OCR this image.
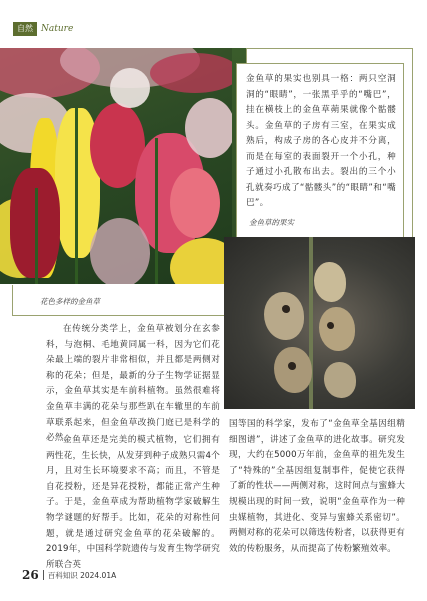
自然 Nature
金鱼草的果实也别具一格：两只空洞洞的“眼睛”，一张黑乎乎的“嘴巴”，挂在横枝上的金鱼草蒴果就像个骷髅头。金鱼草的子房有三室，在果实成熟后，构成子房的各心皮并不分离，而是在每室的表面裂开一个小孔，种子通过小孔散布出去。裂出的三个小孔就奏巧成了“骷髅头”的“眼睛”和“嘴巴”。
花色多样的金鱼草
金鱼草的果实
在传统分类学上，金鱼草被划分在玄参科，与泡桐、毛地黄同属一科，因为它们花朵最上端的裂片非常相似，并且都是两侧对称的花朵；但是，最新的分子生物学证据显示，金鱼草其实是车前科植物。虽然很难将金鱼草丰满的花朵与那些趴在车辙里的车前草联系起来，但金鱼草改换门庭已是科学的必然。
金鱼草还是完美的模式植物，它们拥有两性花，生长快，从发芽到种子成熟只需4个月，且对生长环境要求不高；而且，不管是自花授粉，还是异花授粉，都能正常产生种子。于是，金鱼草成为帮助植物学家破解生物学谜题的好帮手。比如，花朵的对称性问题，就是通过研究金鱼草的花朵破解的。2019年，中国科学院遗传与发育生物学研究所联合英
国等国的科学家，发布了“金鱼草全基因组精细图谱”，讲述了金鱼草的进化故事。研究发现，大约在5000万年前，金鱼草的祖先发生了“特殊的”全基因组复制事件，促使它获得了新的性状——两侧对称，这时间点与蜜蜂大规模出现的时间一致，说明“金鱼草作为一种虫媒植物，其进化、变异与蜜蜂关系密切”。两侧对称的花朵可以筛选传粉者，以获得更有效的传粉服务，从而提高了传粉繁殖效率。
26 百科知识 2024.01A
